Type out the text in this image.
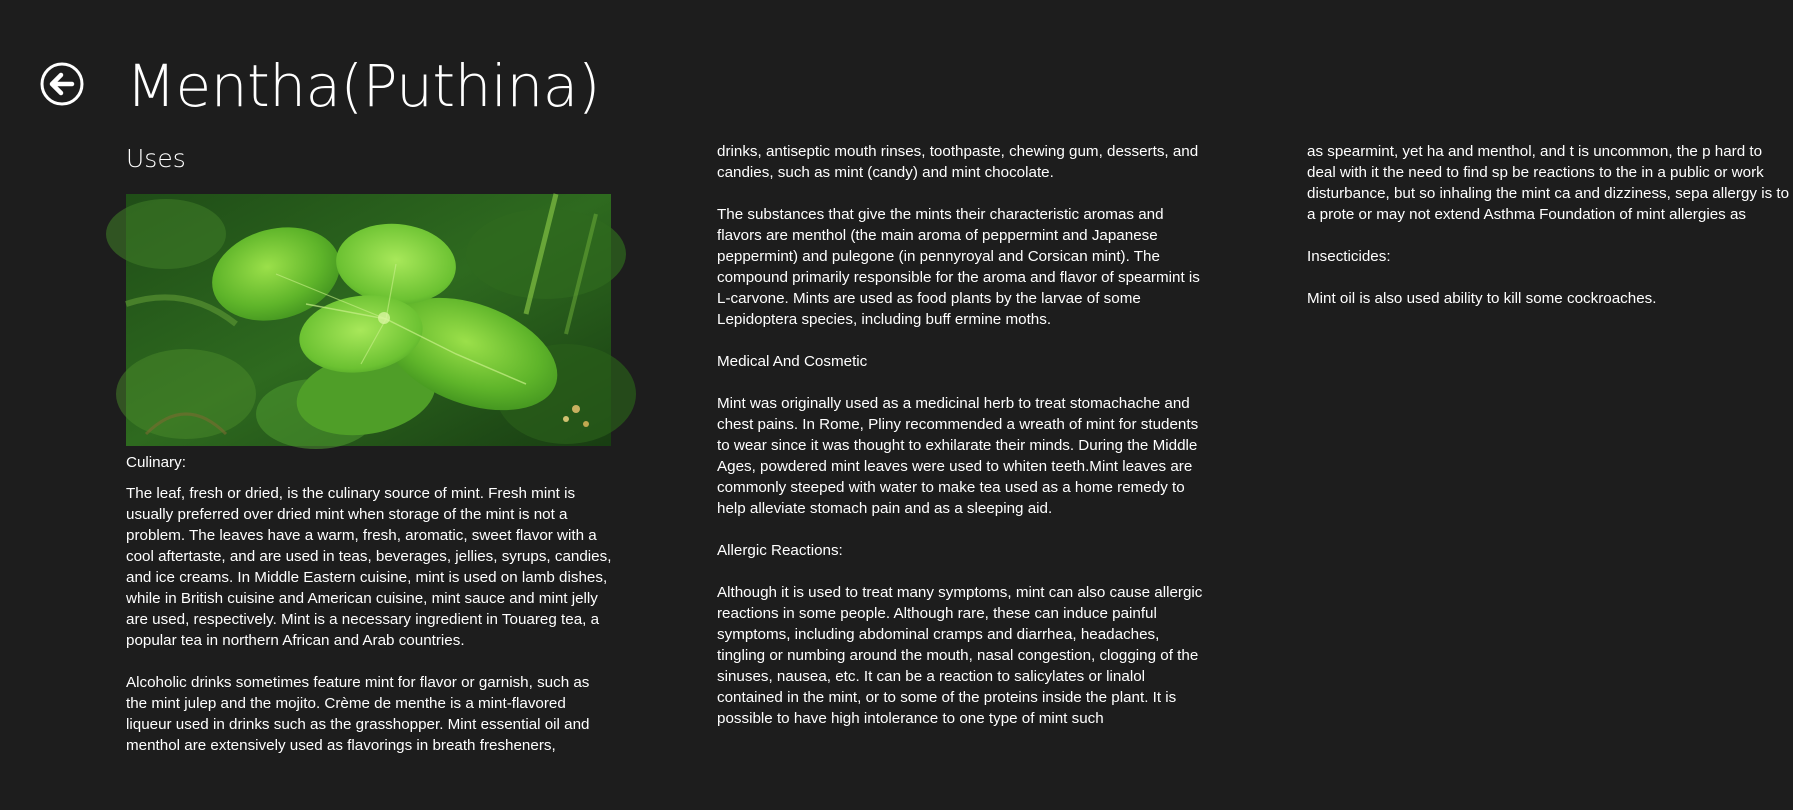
Mentha(Puthina)
Uses

Culinary:

The leaf, fresh or dried, is the culinary source of mint. Fresh mint is usually preferred over dried mint when storage of the mint is not a problem. The leaves have a warm, fresh, aromatic, sweet flavor with a cool aftertaste, and are used in teas, beverages, jellies, syrups, candies, and ice creams. In Middle Eastern cuisine, mint is used on lamb dishes, while in British cuisine and American cuisine, mint sauce and mint jelly are used, respectively. Mint is a necessary ingredient in Touareg tea, a popular tea in northern African and Arab countries.

Alcoholic drinks sometimes feature mint for flavor or garnish, such as the mint julep and the mojito. Crème de menthe is a mint-flavored liqueur used in drinks such as the grasshopper. Mint essential oil and menthol are extensively used as flavorings in breath fresheners,

drinks, antiseptic mouth rinses, toothpaste, chewing gum, desserts, and candies, such as mint (candy) and mint chocolate.

The substances that give the mints their characteristic aromas and flavors are menthol (the main aroma of peppermint and Japanese peppermint) and pulegone (in pennyroyal and Corsican mint). The compound primarily responsible for the aroma and flavor of spearmint is L-carvone. Mints are used as food plants by the larvae of some Lepidoptera species, including buff ermine moths.

Medical And Cosmetic

Mint was originally used as a medicinal herb to treat stomachache and chest pains. In Rome, Pliny recommended a wreath of mint for students to wear since it was thought to exhilarate their minds. During the Middle Ages, powdered mint leaves were used to whiten teeth.Mint leaves are commonly steeped with water to make tea used as a home remedy to help alleviate stomach pain and as a sleeping aid.

Allergic Reactions:

Although it is used to treat many symptoms, mint can also cause allergic reactions in some people. Although rare, these can induce painful symptoms, including abdominal cramps and diarrhea, headaches, tingling or numbing around the mouth, nasal congestion, clogging of the sinuses, nausea, etc. It can be a reaction to salicylates or linalol contained in the mint, or to some of the proteins inside the plant. It is possible to have high intolerance to one type of mint such

as spearmint, yet ha and menthol, and t is uncommon, the p hard to deal with it the need to find sp be reactions to the in a public or work disturbance, but so inhaling the mint ca and dizziness, sepa allergy is to a prote or may not extend Asthma Foundation of mint allergies as

Insecticides:

Mint oil is also used ability to kill some cockroaches.
